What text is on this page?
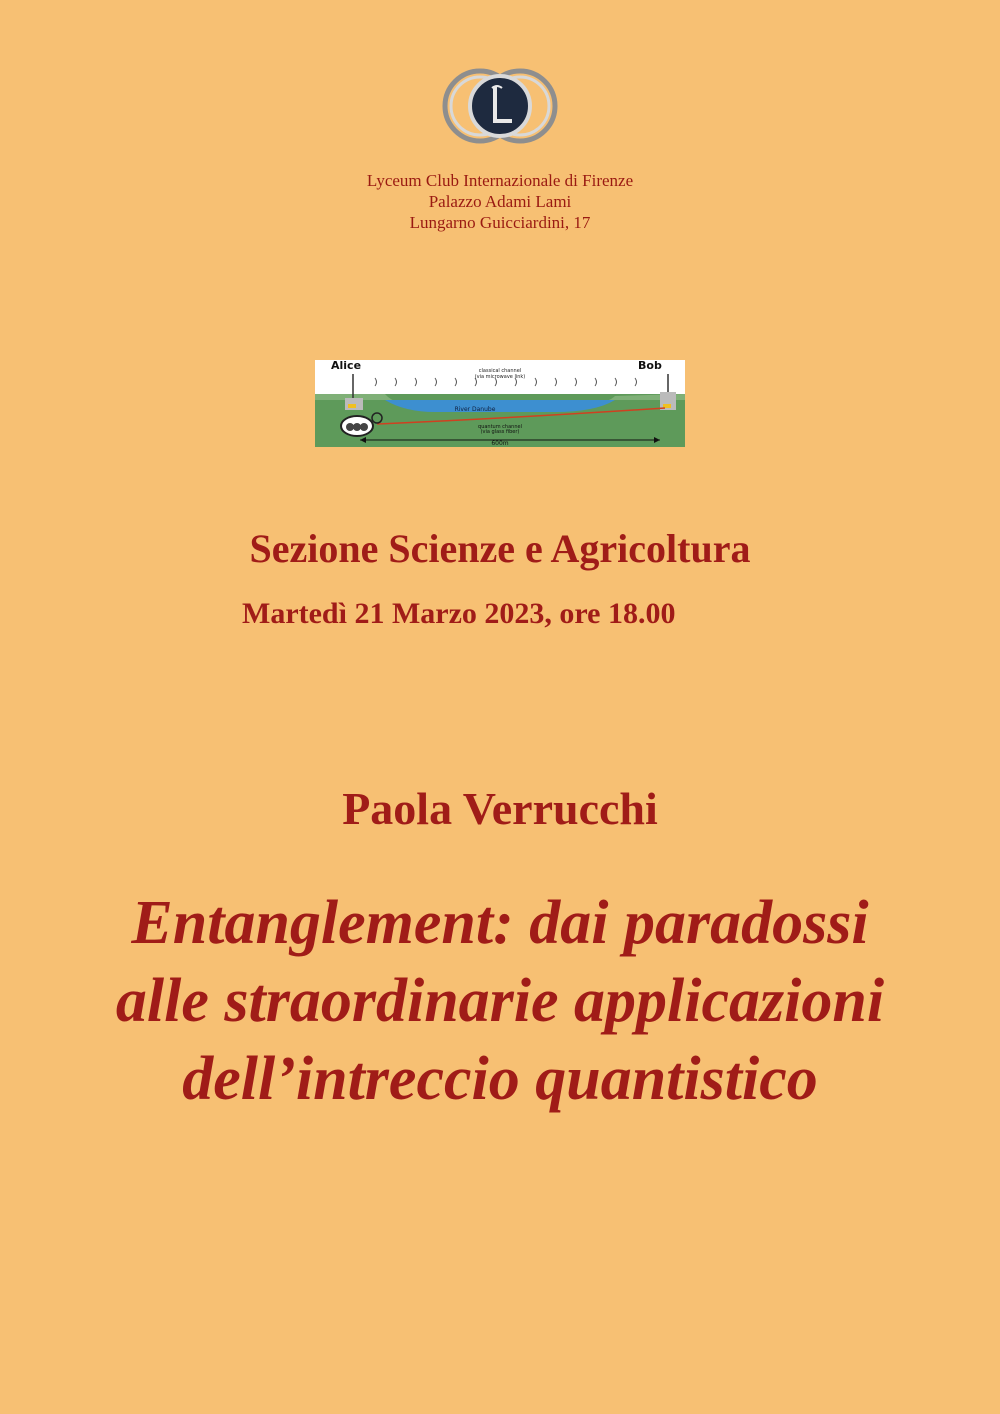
Lyceum Club Internazionale di Firenze
Palazzo Adami Lami
Lungarno Guicciardini, 17
Alice	Bob
classical channel
(via microwave link)
River Danube
quantum channel
(via glass fiber)
600m
Sezione Scienze e Agricoltura
Martedì 21 Marzo 2023, ore 18.00
Paola Verrucchi
Entanglement: dai paradossi
alle straordinarie applicazioni
dell’intreccio quantistico
